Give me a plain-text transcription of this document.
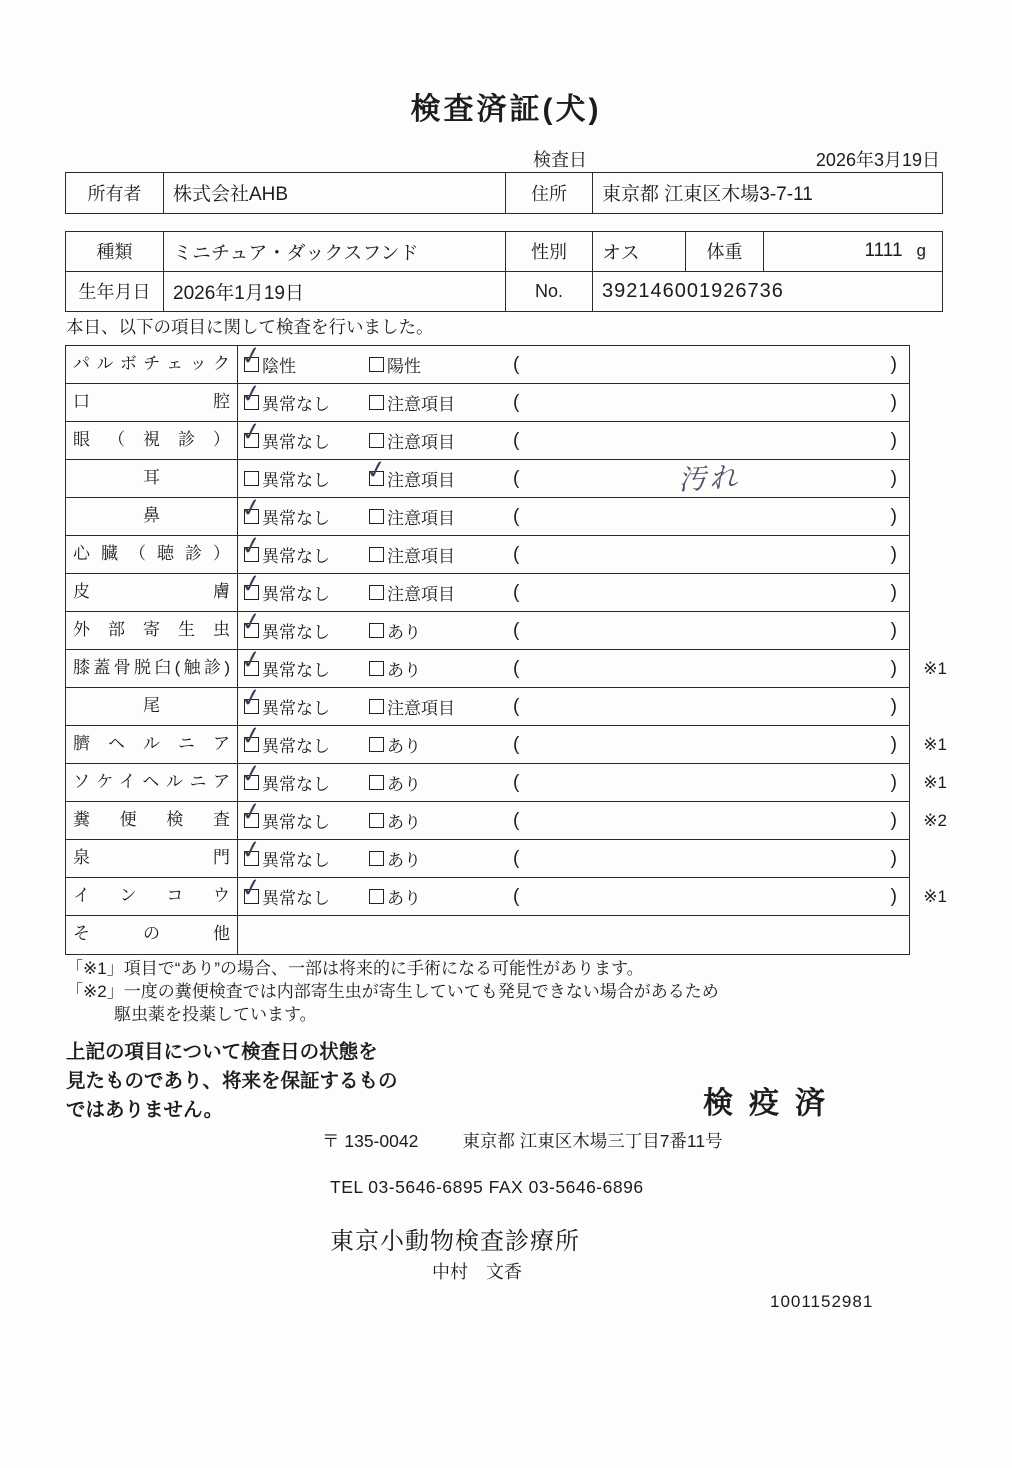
検査済証(犬)
検査日	2026年3月19日
所有者	株式会社AHB	住所	東京都 江東区木場3-7-11
種類	ミニチュア・ダックスフンド	性別	オス	体重	1111 g
生年月日	2026年1月19日	No.	392146001926736
本日、以下の項目に関して検査を行いました。
パルボチェック ✓	陰性	陽性	(	)
口腔 ✓	異常なし	注意項目	(	)
眼（視診） ✓	異常なし	注意項目	(	)
耳	異常なし ✓	注意項目	(	汚れ	)
鼻 ✓	異常なし	注意項目	(	)
心臓（聴診） ✓	異常なし	注意項目	(	)
皮膚 ✓	異常なし	注意項目	(	)
外部寄生虫 ✓	異常なし	あり	(	)
膝蓋骨脱臼(触診) ✓	異常なし	あり	(	) ※1
尾 ✓	異常なし	注意項目	(	)
臍ヘルニア ✓	異常なし	あり	(	) ※1
ソケイヘルニア ✓	異常なし	あり	(	) ※1
糞便検査 ✓	異常なし	あり	(	) ※2
泉門 ✓	異常なし	あり	(	)
インコウ ✓	異常なし	あり	(	) ※1
その他
「※1」項目で“あり”の場合、一部は将来的に手術になる可能性があります。
「※2」一度の糞便検査では内部寄生虫が寄生していても発見できない場合があるため
駆虫薬を投薬しています。
上記の項目について検査日の状態を
見たものであり、将来を保証するもの
ではありません。	検疫済
〒 135-0042	東京都 江東区木場三丁目7番11号
TEL 03-5646-6895 FAX 03-5646-6896
東京小動物検査診療所
中村　文香
1001152981
